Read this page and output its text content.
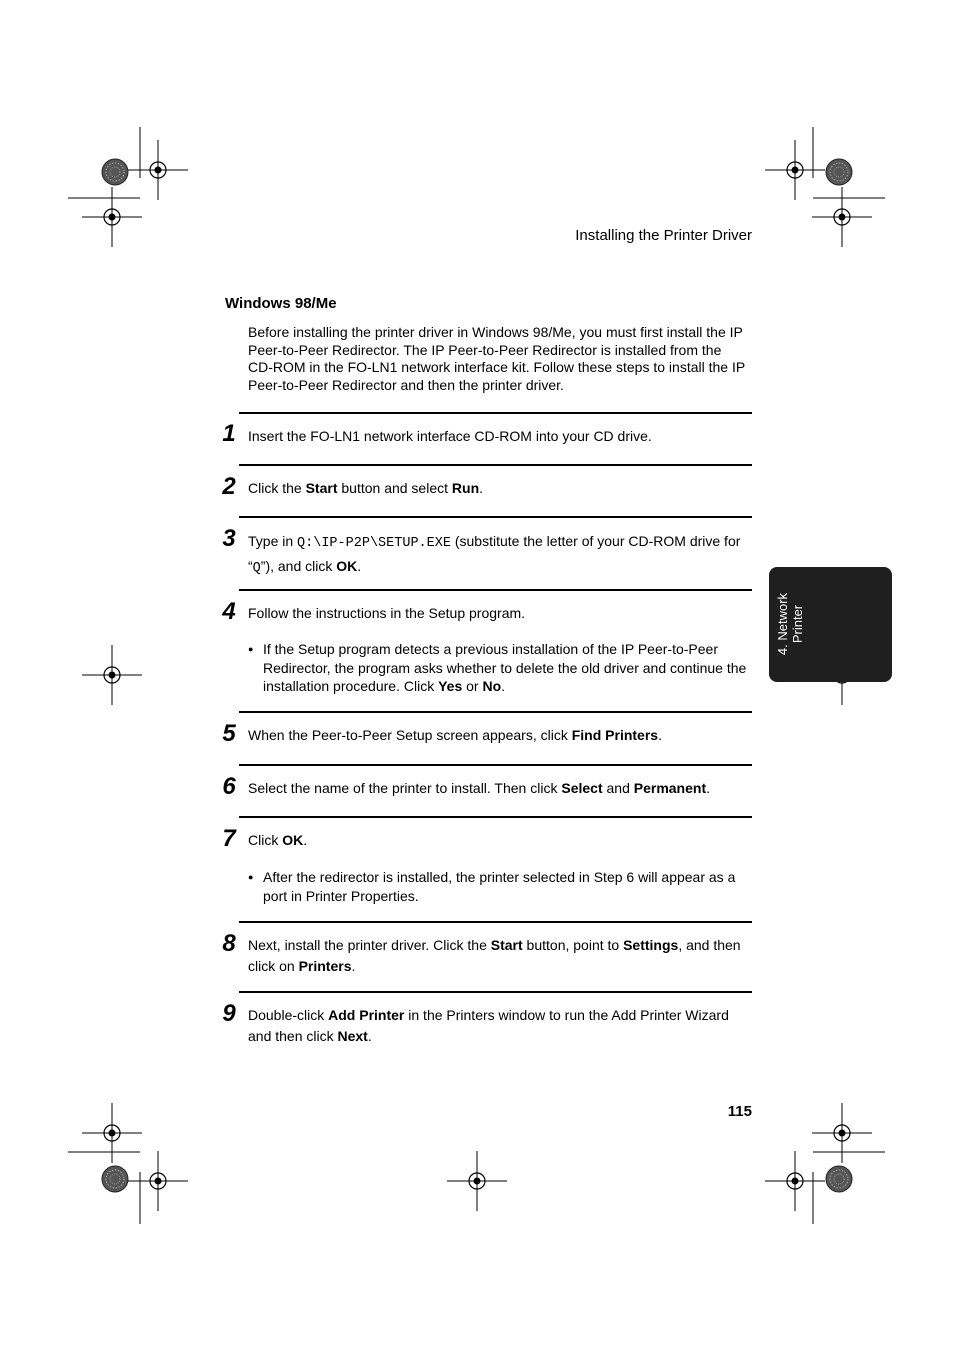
Installing the Printer Driver
Windows 98/Me
Before installing the printer driver in Windows 98/Me, you must first install the IP Peer-to-Peer Redirector. The IP Peer-to-Peer Redirector is installed from the CD-ROM in the FO-LN1 network interface kit. Follow these steps to install the IP Peer-to-Peer Redirector and then the printer driver.
1 Insert the FO-LN1 network interface CD-ROM into your CD drive.
2 Click the Start button and select Run.
3 Type in Q:\IP-P2P\SETUP.EXE (substitute the letter of your CD-ROM drive for “Q”), and click OK.
4 Follow the instructions in the Setup program.
● If the Setup program detects a previous installation of the IP Peer-to-Peer Redirector, the program asks whether to delete the old driver and continue the installation procedure. Click Yes or No.
5 When the Peer-to-Peer Setup screen appears, click Find Printers.
6 Select the name of the printer to install. Then click Select and Permanent.
7 Click OK.
● After the redirector is installed, the printer selected in Step 6 will appear as a port in Printer Properties.
8 Next, install the printer driver. Click the Start button, point to Settings, and then click on Printers.
9 Double-click Add Printer in the Printers window to run the Add Printer Wizard and then click Next.
4. Network Printer
115
